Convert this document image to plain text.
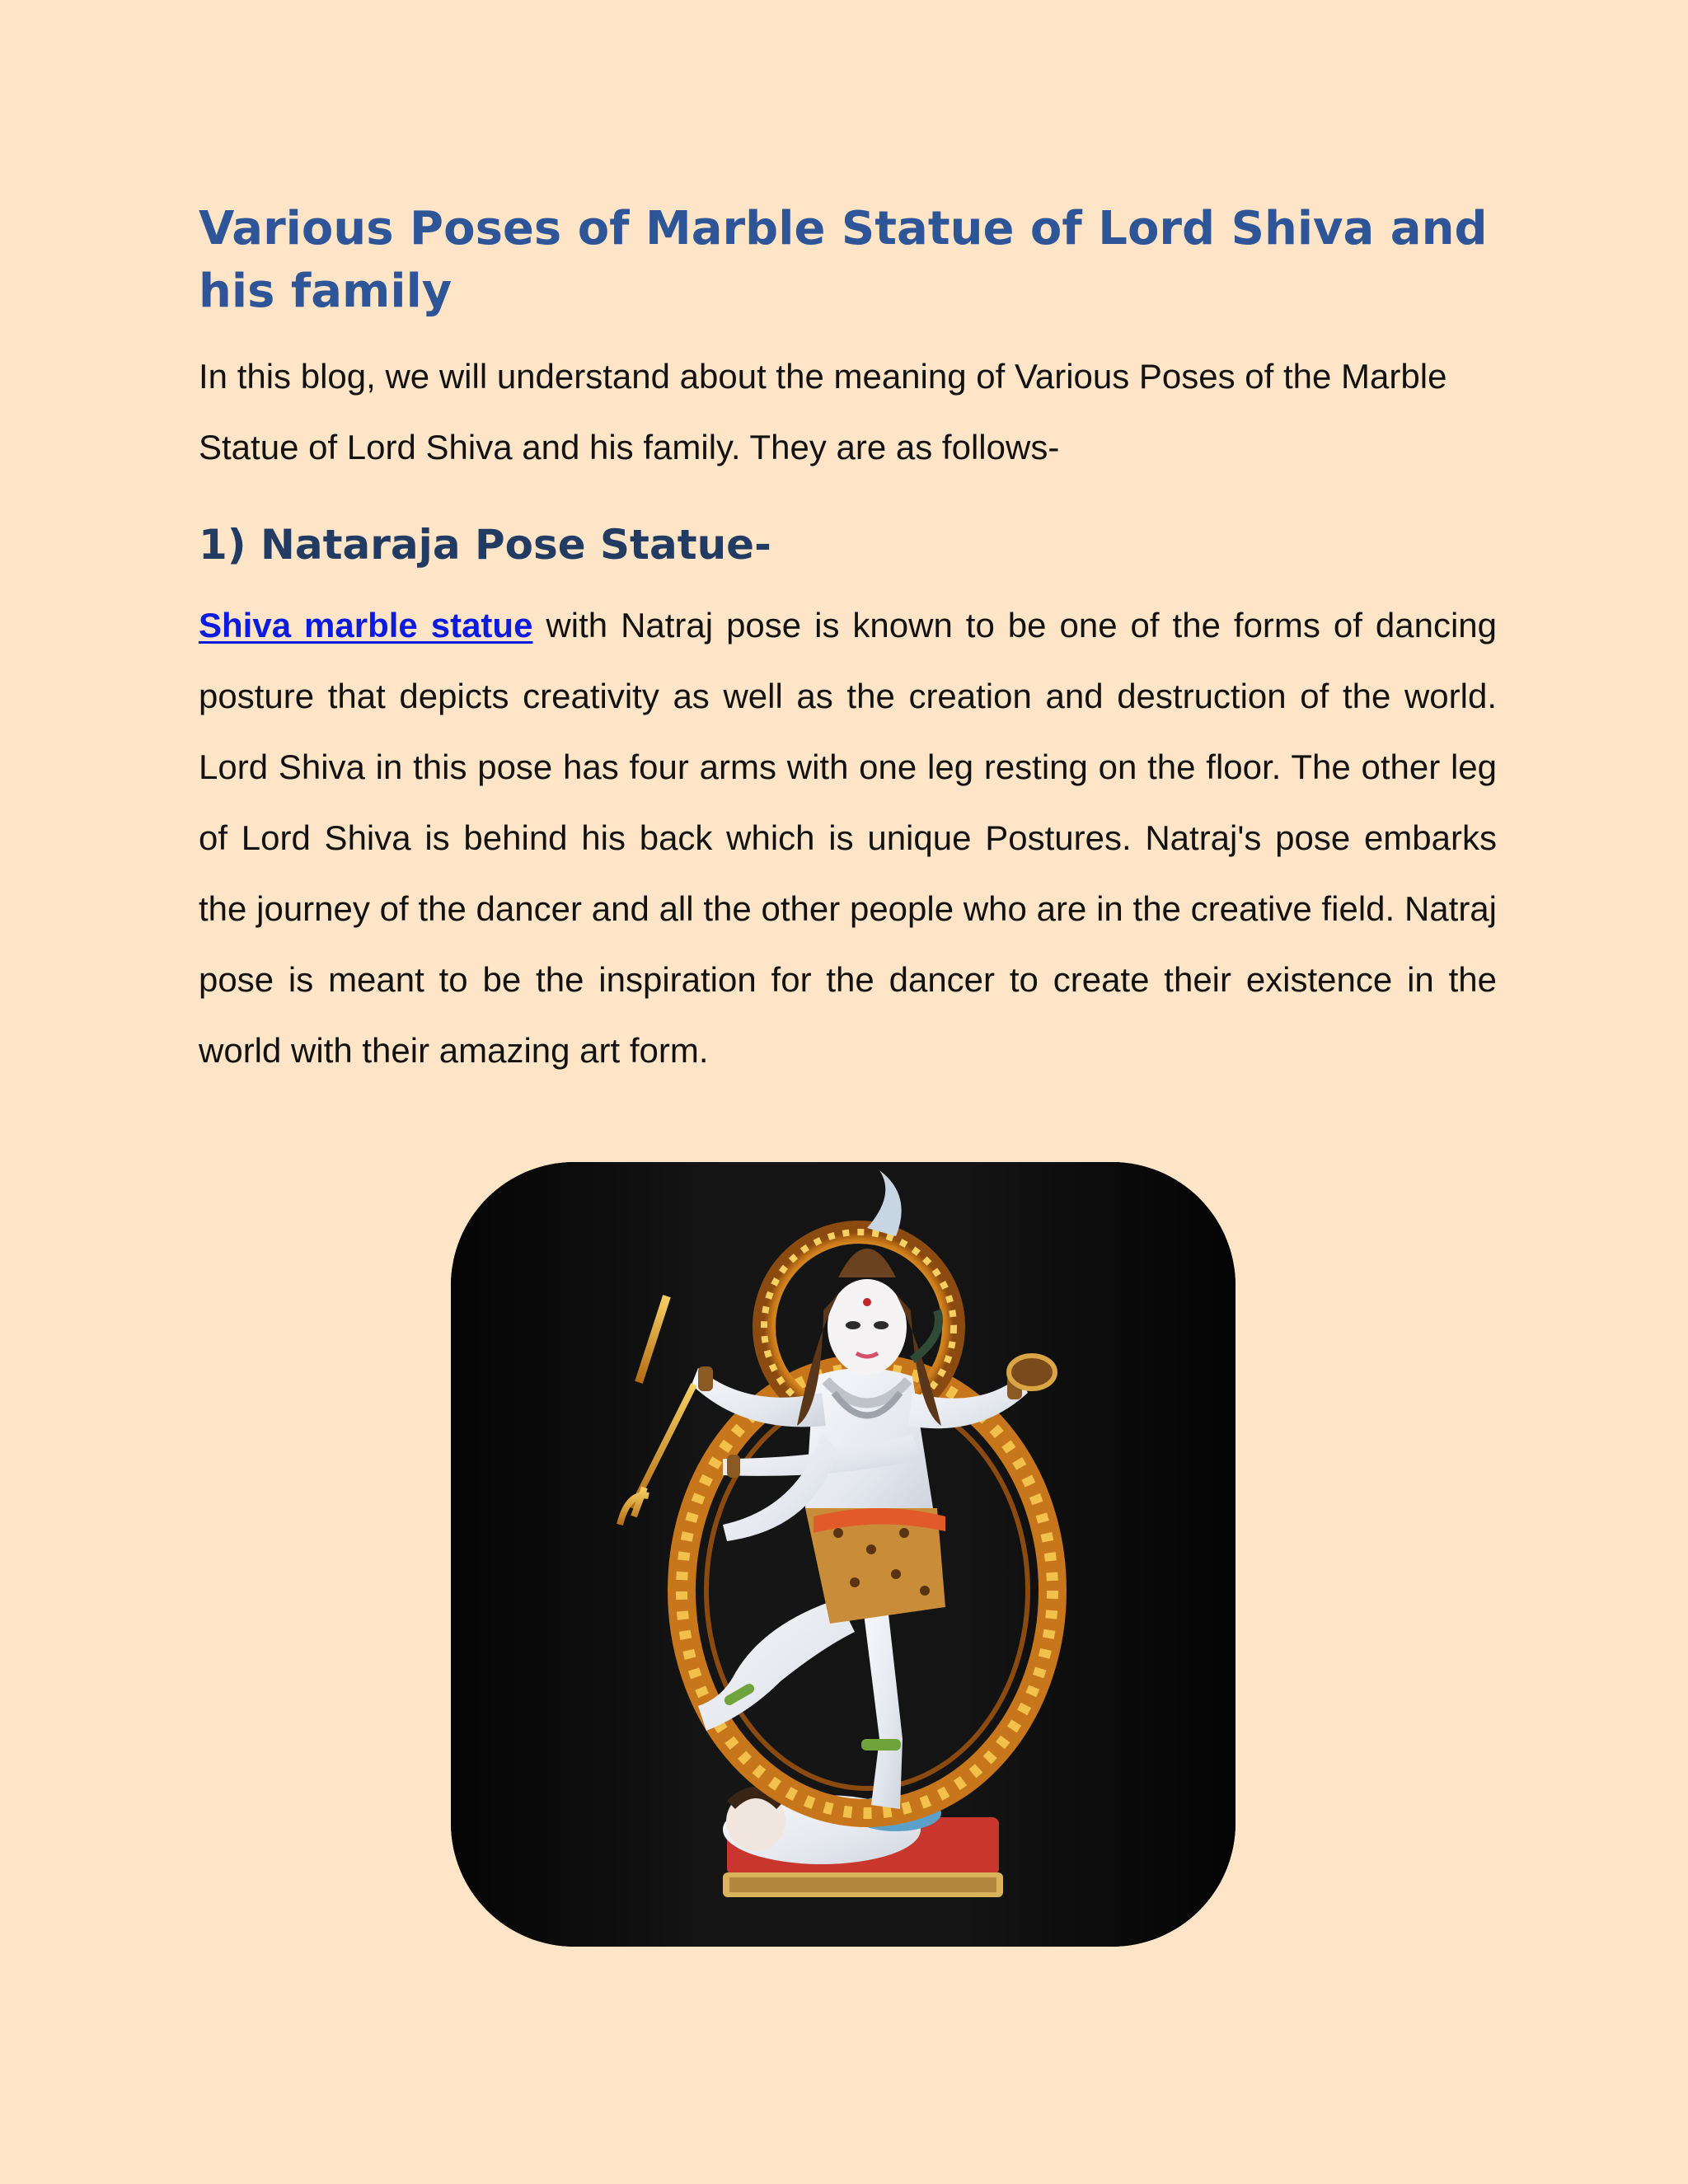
Various Poses of Marble Statue of Lord Shiva and his family

In this blog, we will understand about the meaning of Various Poses of the Marble Statue of Lord Shiva and his family. They are as follows-

1) Nataraja Pose Statue-

Shiva marble statue with Natraj pose is known to be one of the forms of dancing posture that depicts creativity as well as the creation and destruction of the world. Lord Shiva in this pose has four arms with one leg resting on the floor. The other leg of Lord Shiva is behind his back which is unique Postures. Natraj's pose embarks the journey of the dancer and all the other people who are in the creative field. Natraj pose is meant to be the inspiration for the dancer to create their existence in the world with their amazing art form.
